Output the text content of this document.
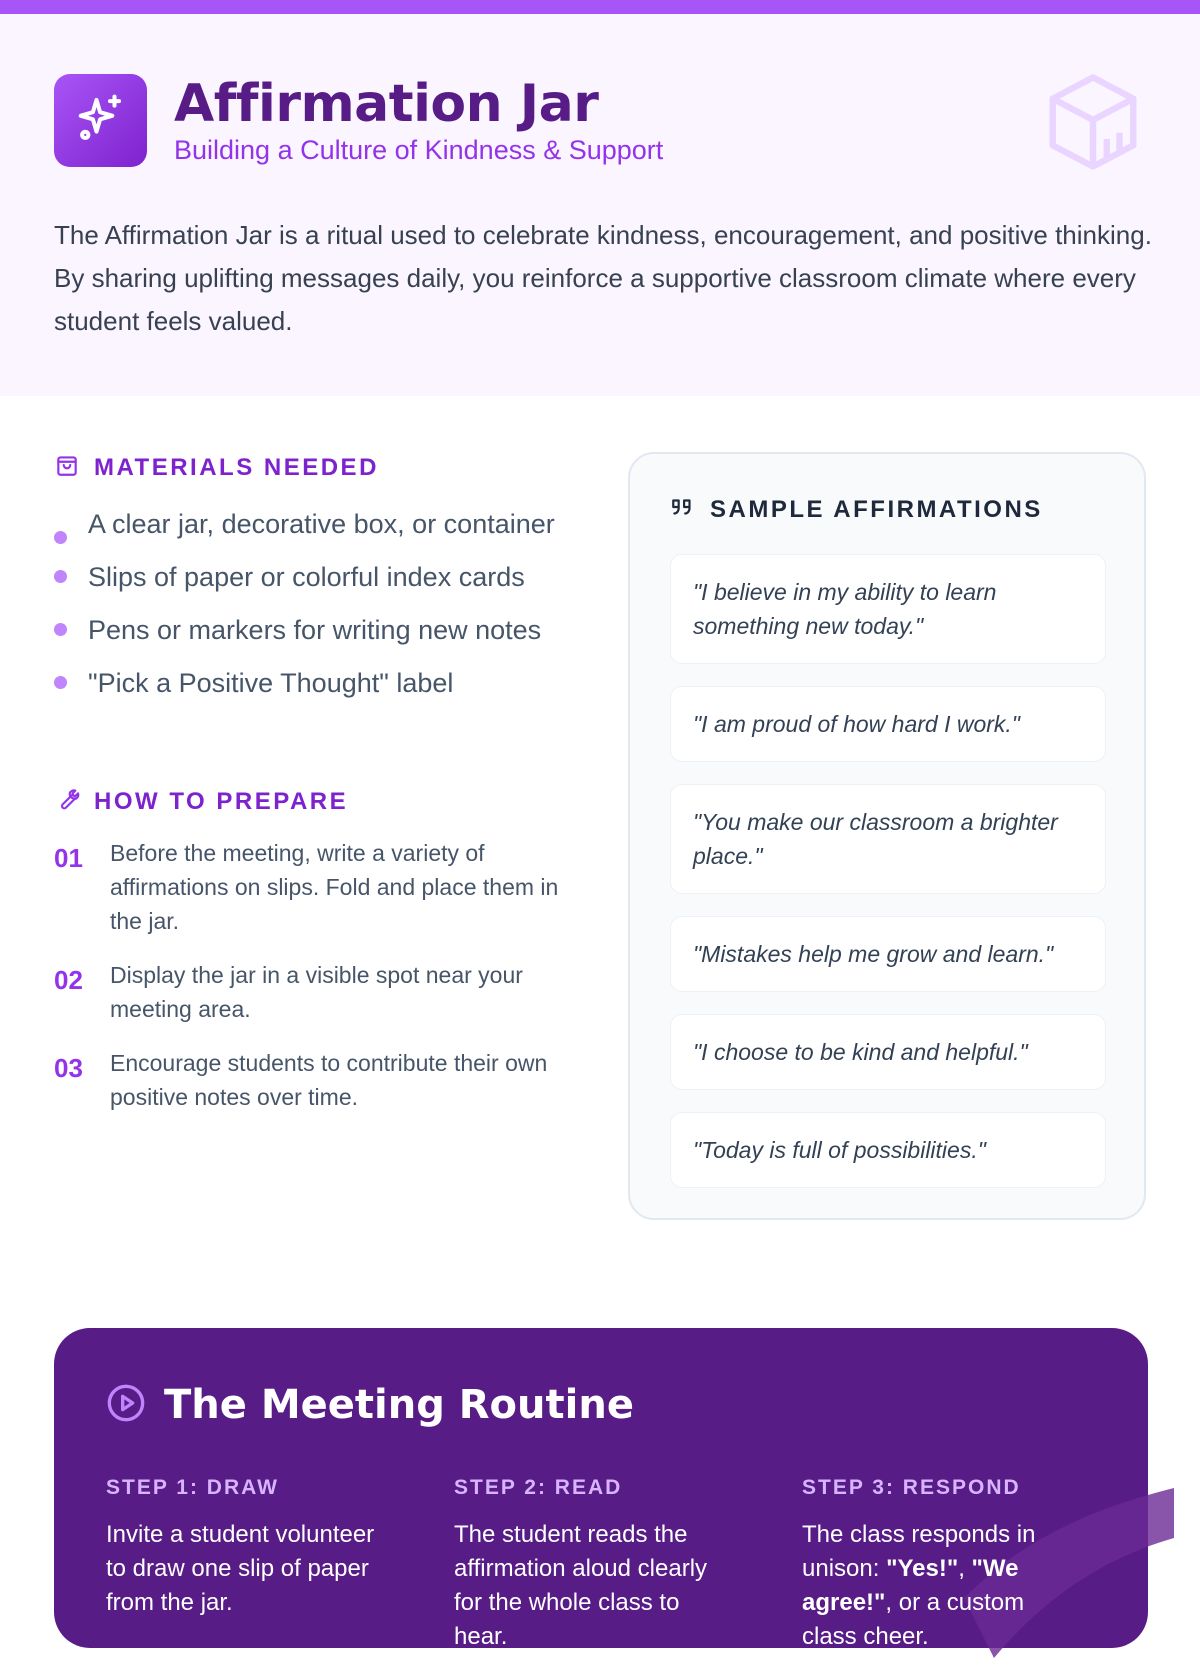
Affirmation Jar
Building a Culture of Kindness & Support

The Affirmation Jar is a ritual used to celebrate kindness, encouragement, and positive thinking. By sharing uplifting messages daily, you reinforce a supportive classroom climate where every student feels valued.

MATERIALS NEEDED
A clear jar, decorative box, or container
Slips of paper or colorful index cards
Pens or markers for writing new notes
"Pick a Positive Thought" label
HOW TO PREPARE
01	Before the meeting, write a variety of affirmations on slips. Fold and place them in the jar.
02	Display the jar in a visible spot near your meeting area.
03	Encourage students to contribute their own positive notes over time.
SAMPLE AFFIRMATIONS
"I believe in my ability to learn something new today."
"I am proud of how hard I work."
"You make our classroom a brighter place."
"Mistakes help me grow and learn."
"I choose to be kind and helpful."
"Today is full of possibilities."
The Meeting Routine
STEP 1: DRAW
Invite a student volunteer to draw one slip of paper from the jar.
STEP 2: READ
The student reads the affirmation aloud clearly for the whole class to hear.
STEP 3: RESPOND
The class responds in unison: "Yes!", "We agree!", or a custom class cheer.
